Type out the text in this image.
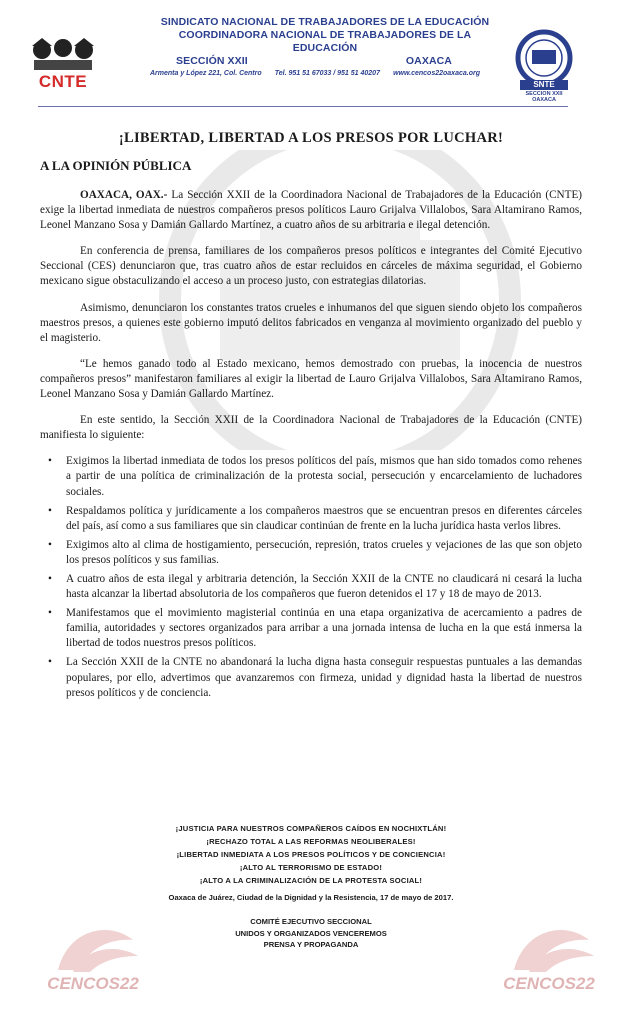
CNTE
SINDICATO NACIONAL DE TRABAJADORES DE LA EDUCACIÓN
COORDINADORA NACIONAL DE TRABAJADORES DE LA EDUCACIÓN
SECCIÓN XXII	OAXACA
Armenta y López 221, Col. Centro Tel. 951 51 67033 / 951 51 40207 www.cencos22oaxaca.org
SNTE
SECCION XXII
OAXACA
¡LIBERTAD, LIBERTAD A LOS PRESOS POR LUCHAR!
A LA OPINIÓN PÚBLICA

OAXACA, OAX.- La Sección XXII de la Coordinadora Nacional de Trabajadores de la Educación (CNTE) exige la libertad inmediata de nuestros compañeros presos políticos Lauro Grijalva Villalobos, Sara Altamirano Ramos, Leonel Manzano Sosa y Damián Gallardo Martínez, a cuatro años de su arbitraria e ilegal detención.

En conferencia de prensa, familiares de los compañeros presos políticos e integrantes del Comité Ejecutivo Seccional (CES) denunciaron que, tras cuatro años de estar recluidos en cárceles de máxima seguridad, el Gobierno mexicano sigue obstaculizando el acceso a un proceso justo, con estrategias dilatorias.

Asimismo, denunciaron los constantes tratos crueles e inhumanos del que siguen siendo objeto los compañeros maestros presos, a quienes este gobierno imputó delitos fabricados en venganza al movimiento organizado del pueblo y el magisterio.

“Le hemos ganado todo al Estado mexicano, hemos demostrado con pruebas, la inocencia de nuestros compañeros presos” manifestaron familiares al exigir la libertad de Lauro Grijalva Villalobos, Sara Altamirano Ramos, Leonel Manzano Sosa y Damián Gallardo Martínez.

En este sentido, la Sección XXII de la Coordinadora Nacional de Trabajadores de la Educación (CNTE) manifiesta lo siguiente:

• Exigimos la libertad inmediata de todos los presos políticos del país, mismos que han sido tomados como rehenes a partir de una política de criminalización de la protesta social, persecución y encarcelamiento de luchadores sociales.
• Respaldamos política y jurídicamente a los compañeros maestros que se encuentran presos en diferentes cárceles del país, así como a sus familiares que sin claudicar continúan de frente en la lucha jurídica hasta verlos libres.
• Exigimos alto al clima de hostigamiento, persecución, represión, tratos crueles y vejaciones de las que son objeto los presos políticos y sus familias.
• A cuatro años de esta ilegal y arbitraria detención, la Sección XXII de la CNTE no claudicará ni cesará la lucha hasta alcanzar la libertad absolutoria de los compañeros que fueron detenidos el 17 y 18 de mayo de 2013.
• Manifestamos que el movimiento magisterial continúa en una etapa organizativa de acercamiento a padres de familia, autoridades y sectores organizados para arribar a una jornada intensa de lucha en la que está inmersa la libertad de todos nuestros presos políticos.
• La Sección XXII de la CNTE no abandonará la lucha digna hasta conseguir respuestas puntuales a las demandas populares, por ello, advertimos que avanzaremos con firmeza, unidad y dignidad hasta la libertad de nuestros presos políticos y de conciencia.
¡JUSTICIA PARA NUESTROS COMPAÑEROS CAÍDOS EN NOCHIXTLÁN!
¡RECHAZO TOTAL A LAS REFORMAS NEOLIBERALES!
¡LIBERTAD INMEDIATA A LOS PRESOS POLÍTICOS Y DE CONCIENCIA!
¡ALTO AL TERRORISMO DE ESTADO!
¡ALTO A LA CRIMINALIZACIÓN DE LA PROTESTA SOCIAL!
Oaxaca de Juárez, Ciudad de la Dignidad y la Resistencia, 17 de mayo de 2017.
COMITÉ EJECUTIVO SECCIONAL
UNIDOS Y ORGANIZADOS VENCEREMOS
PRENSA Y PROPAGANDA
CENCOS22	CENCOS22
